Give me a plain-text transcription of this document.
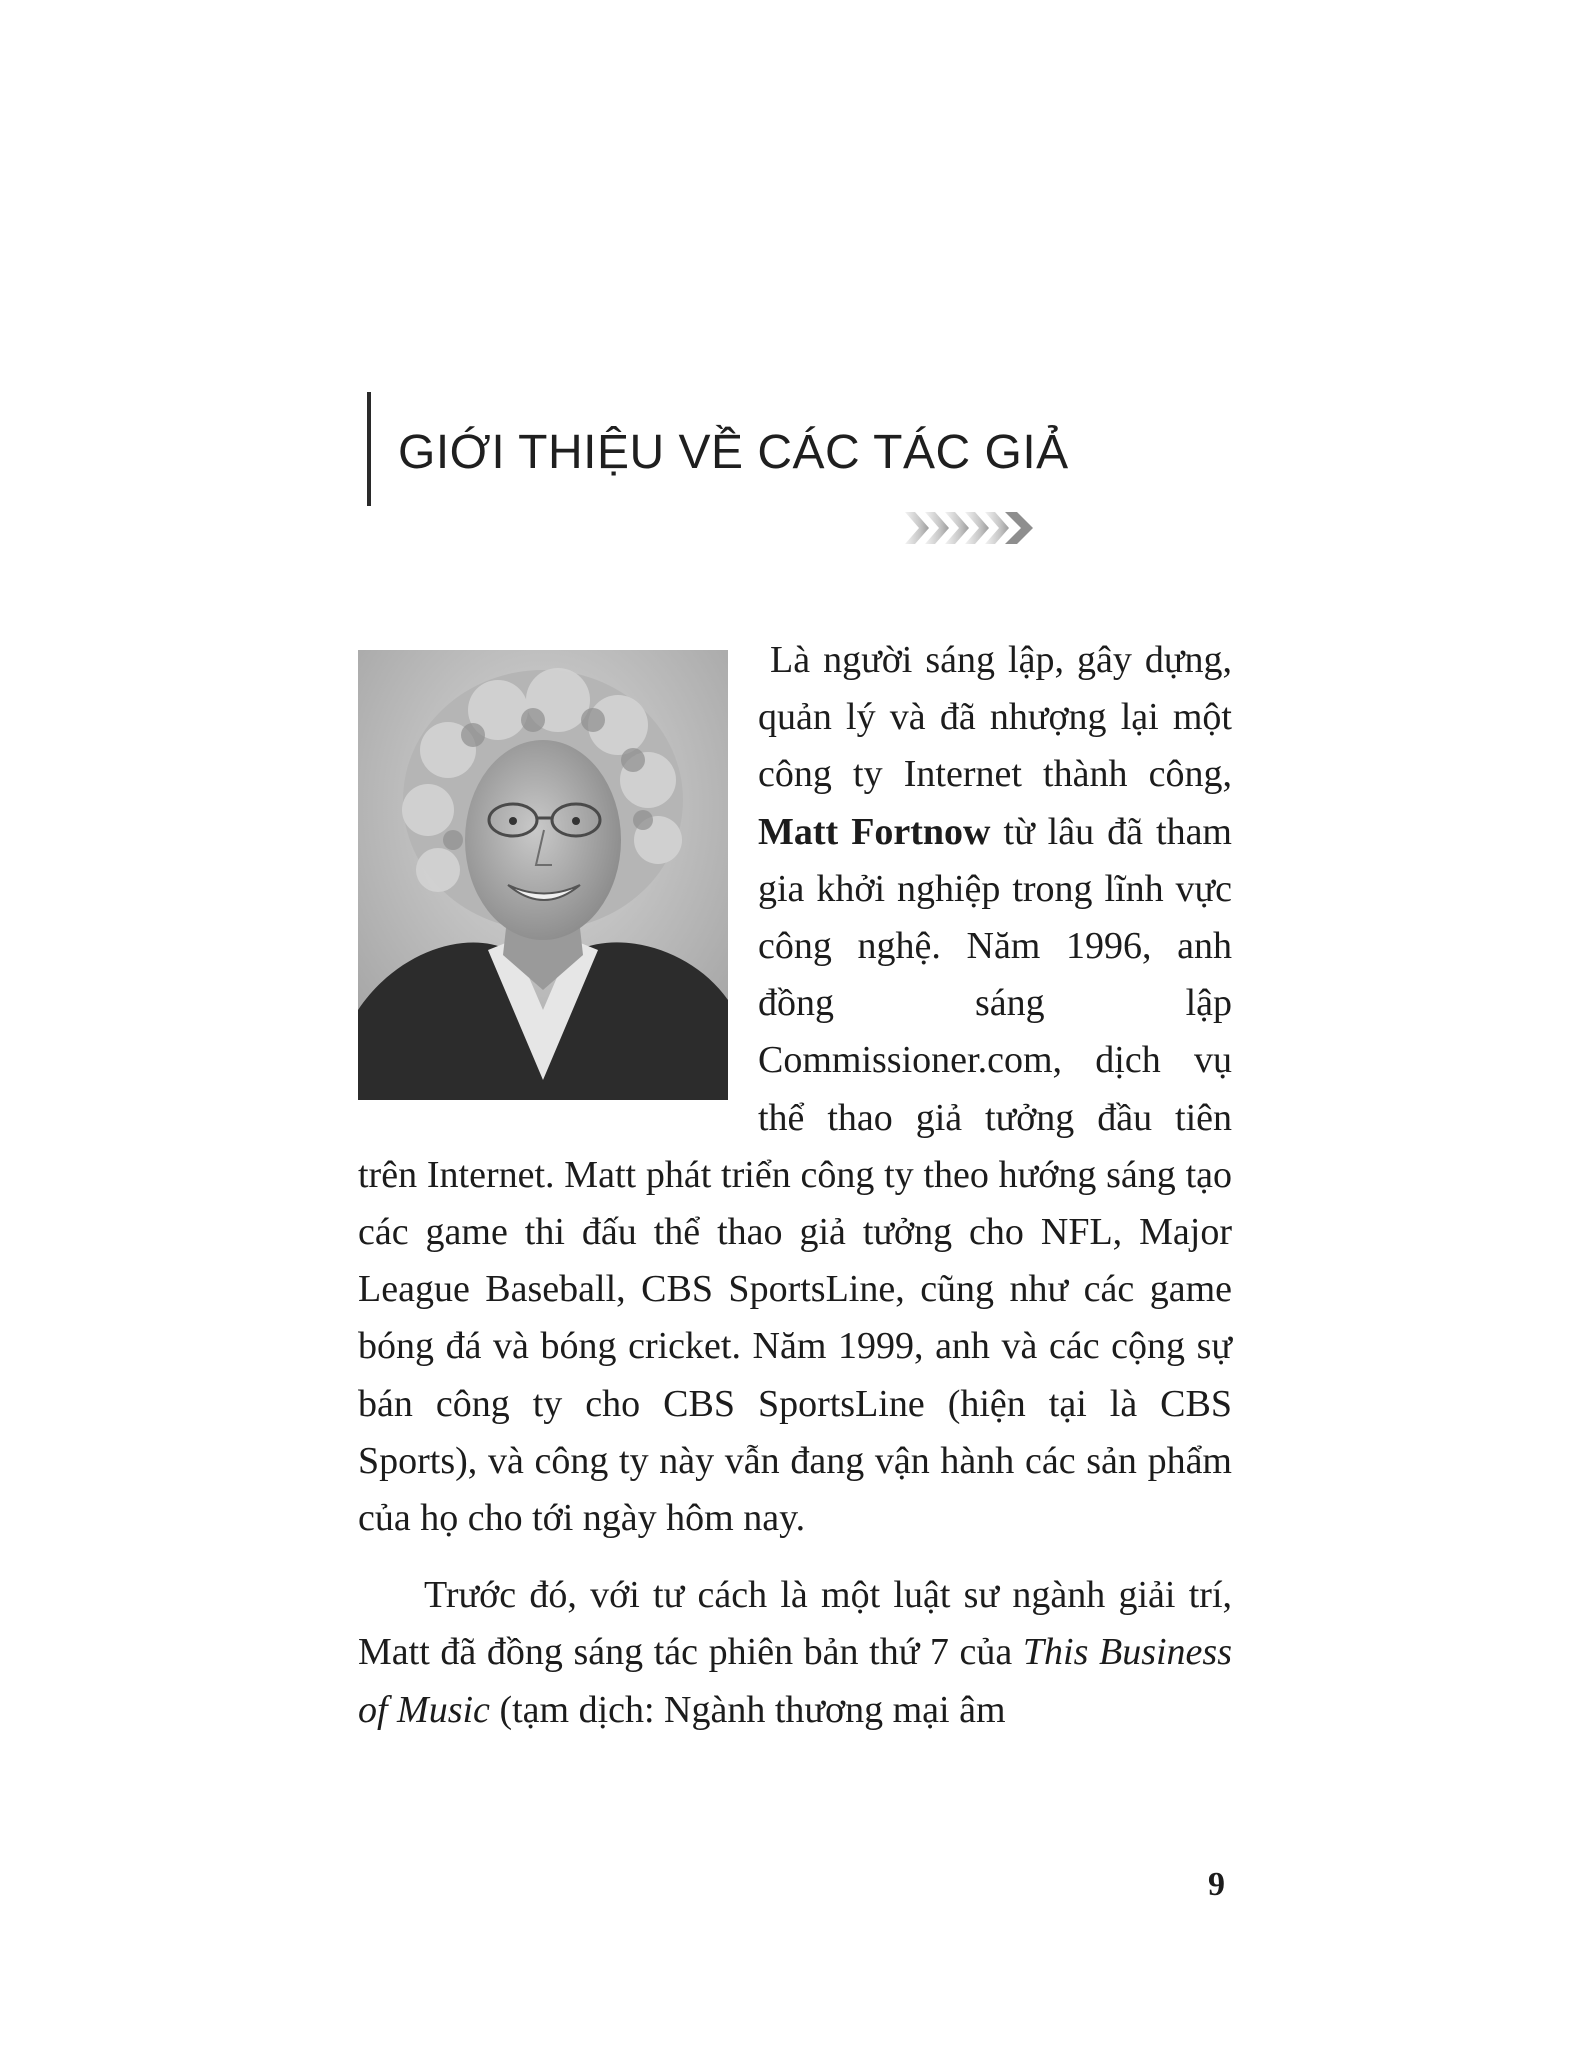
GIỚI THIỆU VỀ CÁC TÁC GIẢ

Là người sáng lập, gây dựng, quản lý và đã nhượng lại một công ty Internet thành công, Matt Fortnow từ lâu đã tham gia khởi nghiệp trong lĩnh vực công nghệ. Năm 1996, anh đồng sáng lập Commissioner.com, dịch vụ thể thao giả tưởng đầu tiên trên Internet. Matt phát triển công ty theo hướng sáng tạo các game thi đấu thể thao giả tưởng cho NFL, Major League Baseball, CBS SportsLine, cũng như các game bóng đá và bóng cricket. Năm 1999, anh và các cộng sự bán công ty cho CBS SportsLine (hiện tại là CBS Sports), và công ty này vẫn đang vận hành các sản phẩm của họ cho tới ngày hôm nay.

Trước đó, với tư cách là một luật sư ngành giải trí, Matt đã đồng sáng tác phiên bản thứ 7 của This Business of Music (tạm dịch: Ngành thương mại âm

9
